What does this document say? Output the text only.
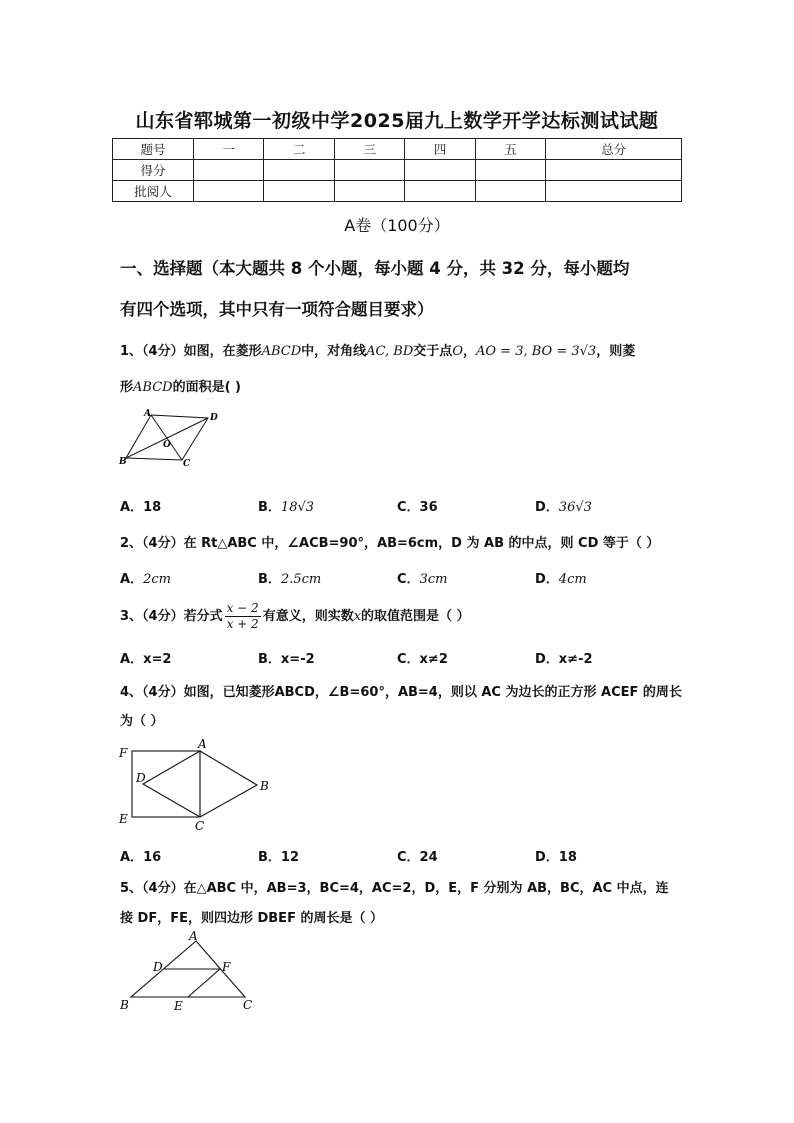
山东省郓城第一初级中学2025届九上数学开学达标测试试题
题号	一	二	三	四	五	总分
得分						
批阅人						
A卷（100分）
一、选择题（本大题共 8 个小题，每小题 4 分，共 32 分，每小题均
有四个选项，其中只有一项符合题目要求）
1、（4分）如图，在菱形ABCD中，对角线AC, BD交于点O，AO = 3, BO = 3√3，则菱
形ABCD的面积是( )
A	D
B	C
O
A．18	B．18√3	C．36	D．36√3
2、（4分）在 Rt△ABC 中，∠ACB=90°，AB=6cm，D 为 AB 的中点，则 CD 等于（ ）
A．2cm	B．2.5cm	C．3cm	D．4cm
3、（4分）若分式 $\frac{x - 2}{x + 2}$ 有意义，则实数x的取值范围是（ ）
A．x=2	B．x=-2	C．x≠2	D．x≠-2
4、（4分）如图，已知菱形ABCD，∠B=60°，AB=4，则以 AC 为边长的正方形 ACEF 的周长
为（ ）
A
B
C
D
E
F
A．16	B．12	C．24	D．18
5、（4分）在△ABC 中，AB=3，BC=4，AC=2，D，E，F 分别为 AB，BC，AC 中点，连
接 DF，FE，则四边形 DBEF 的周长是（ ）
A
B	C
D
E
F
